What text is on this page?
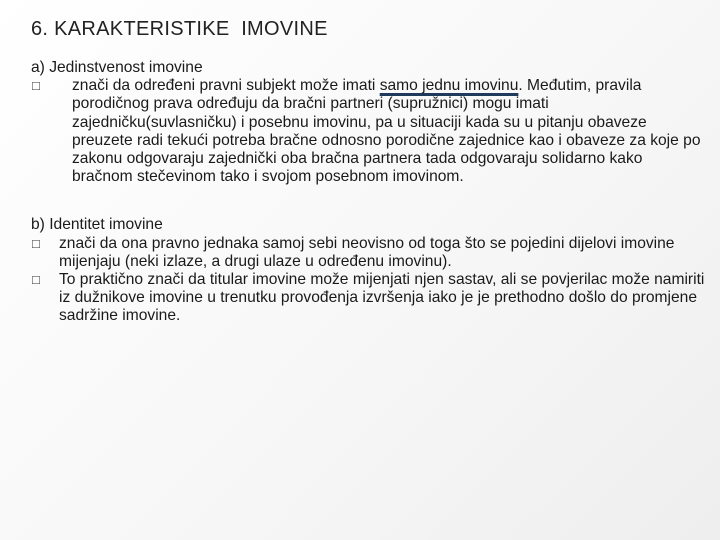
6. KARAKTERISTIKE  IMOVINE

a) Jedinstvenost imovine

□ znači da određeni pravni subjekt može imati samo jednu imovinu. Međutim, pravila porodičnog prava određuju da bračni partneri (supružnici) mogu imati zajedničku(suvlasničku) i posebnu imovinu, pa u situaciji kada su u pitanju obaveze preuzete radi tekući potreba bračne odnosno porodične zajednice kao i obaveze za koje po zakonu odgovaraju zajednički oba bračna partnera tada odgovaraju solidarno kako bračnom stečevinom tako i svojom posebnom imovinom.

b) Identitet imovine

□ znači da ona pravno jednaka samoj sebi neovisno od toga što se pojedini dijelovi imovine mijenjaju (neki izlaze, a drugi ulaze u određenu imovinu).

□ To praktično znači da titular imovine može mijenjati njen sastav, ali se povjerilac može namiriti iz dužnikove imovine u trenutku provođenja izvršenja iako je je prethodno došlo do promjene sadržine imovine.
